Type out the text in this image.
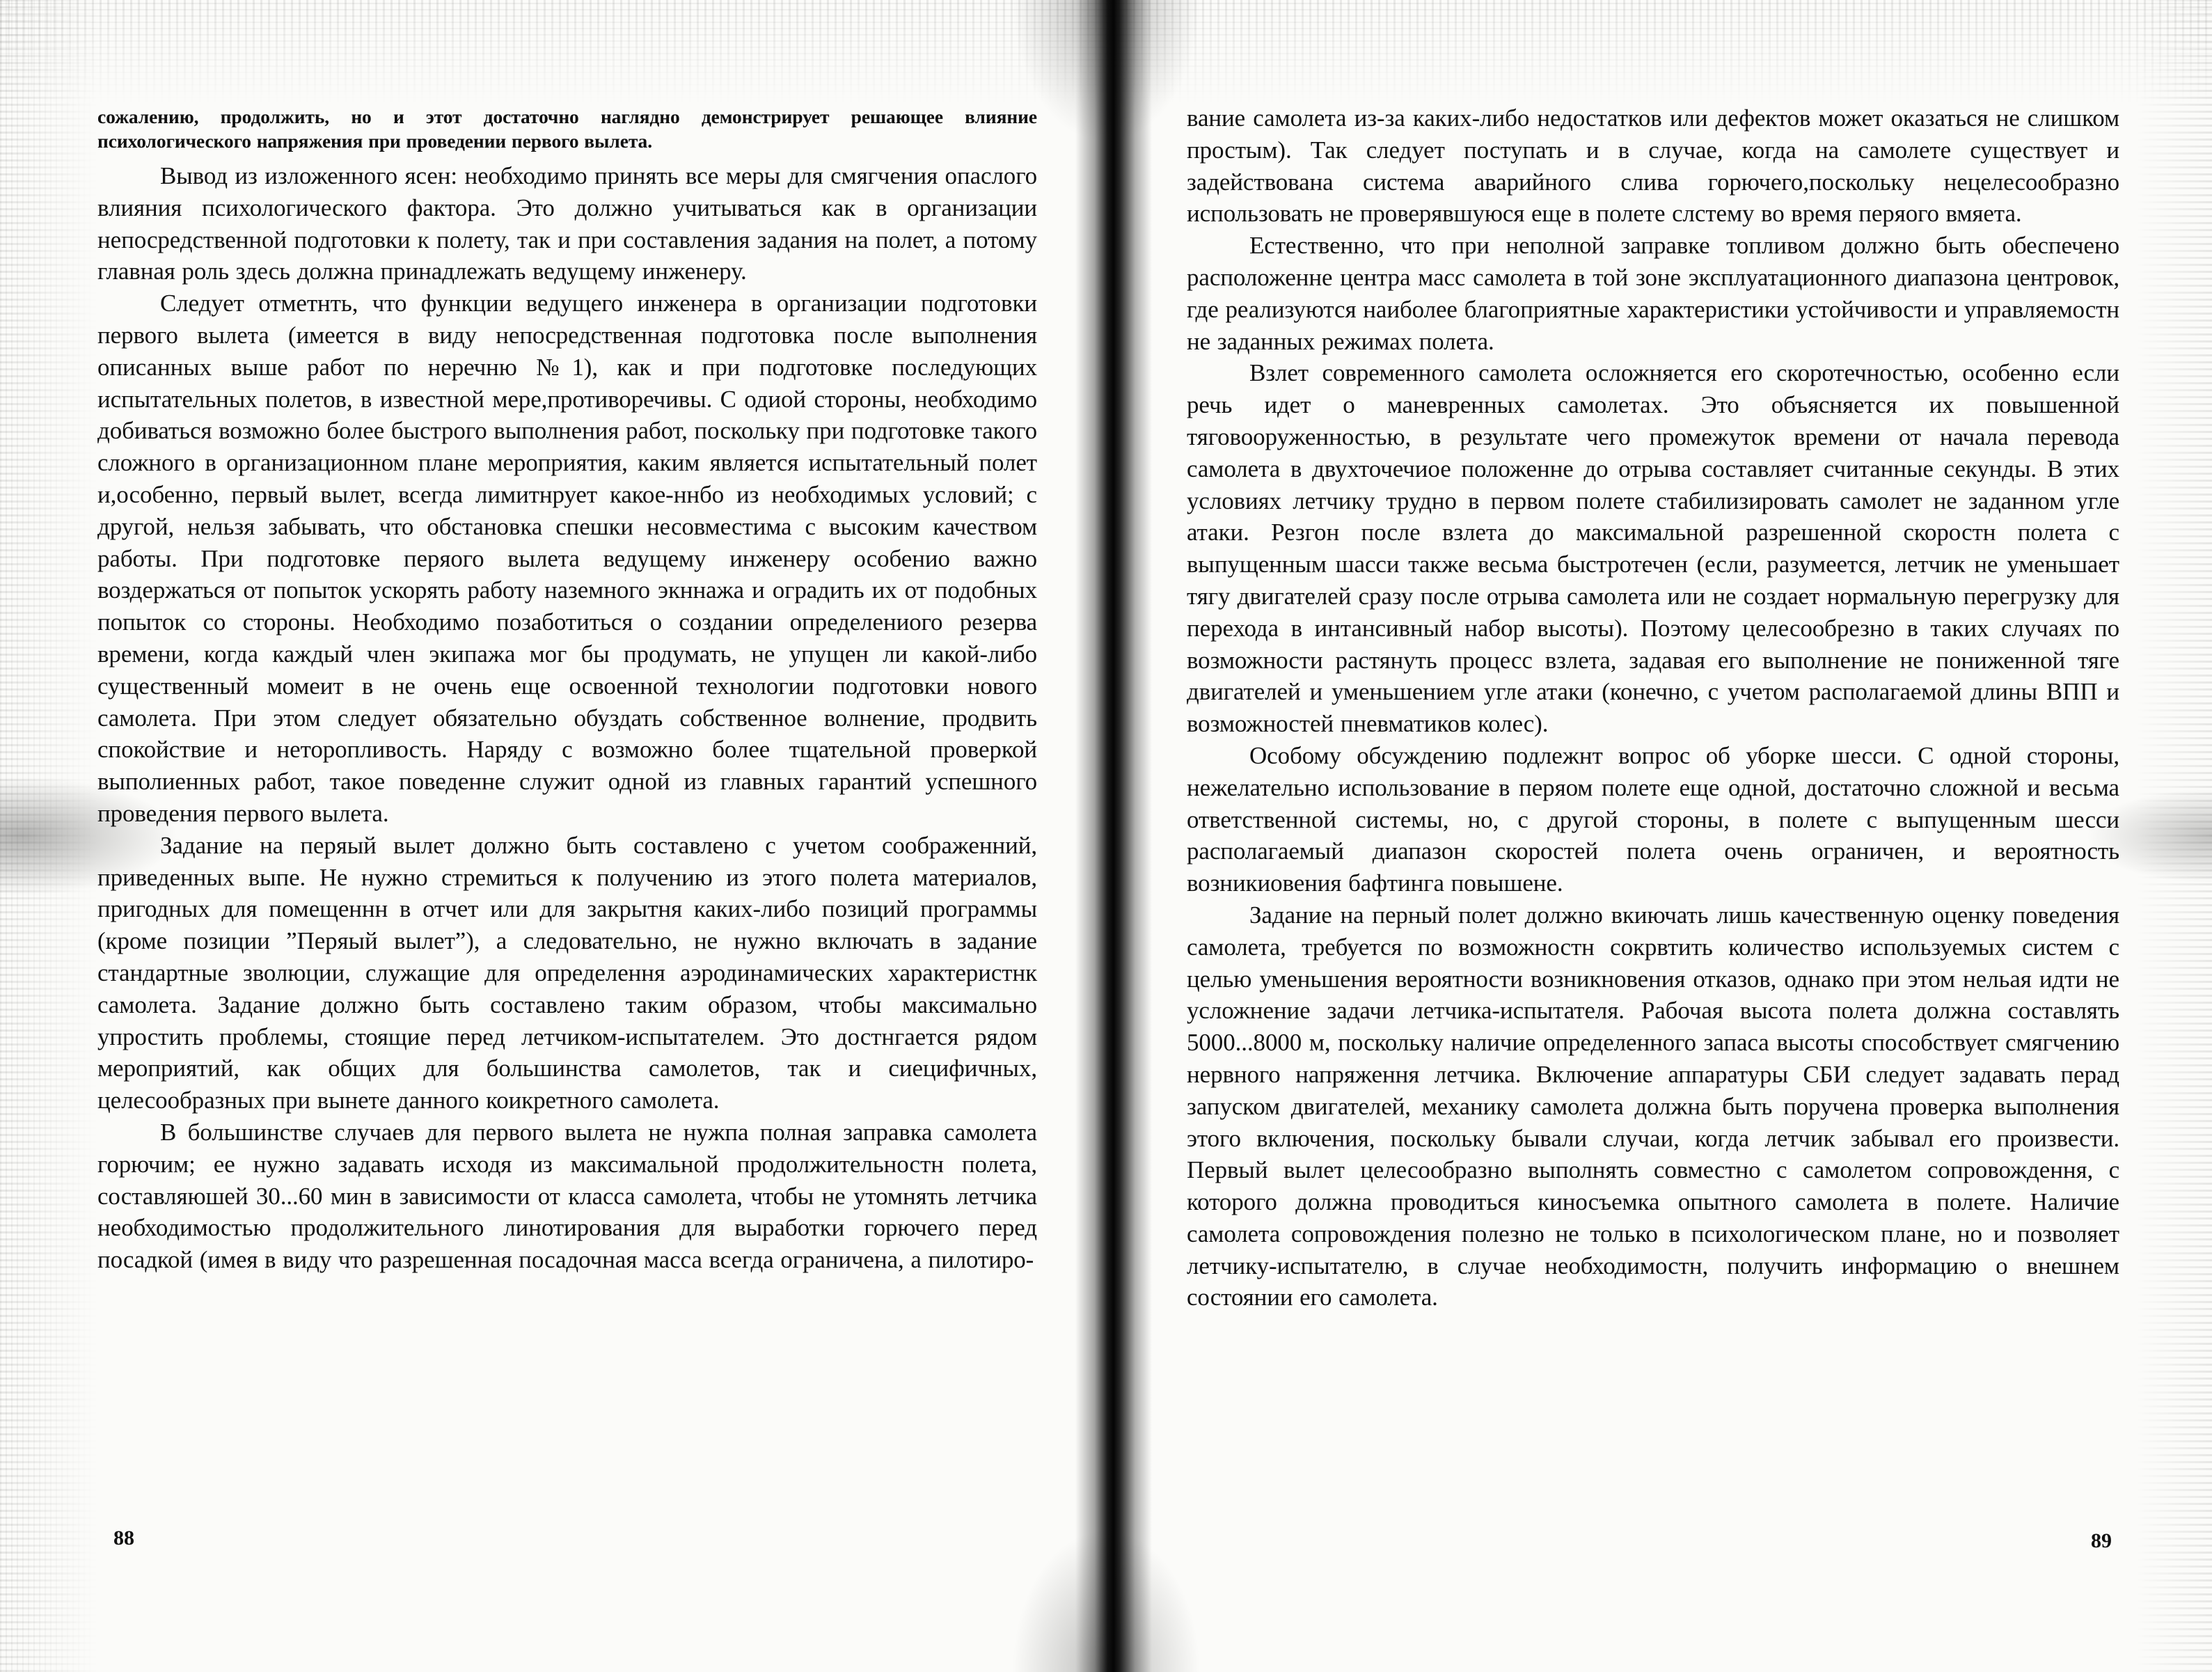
сожалению, продолжить, но и этот достаточно наглядно демонстрирует решающее влияние психологического напряжения при проведении первого вылета.

Вывод из изложенного ясен: необходимо принять все меры для смягчения опаслого влияния психологического фактора. Это должно учитываться как в организации непосредственной подготовки к полету, так и при составления задания на полет, а потому главная роль здесь должна принадлежать ведущему инженеру.

Следует отметнть, что функции ведущего инженера в организации подготовки первого вылета (имеется в виду непосредственная подготовка после выполнения описанных выше работ по неречню №1), как и при подготовке последующих испытательных полетов, в известной мере,противоречивы. С одиой стороны, необходимо добиваться возможно более быстрого выполнения работ, поскольку при подготовке такого сложного в организационном плане мероприятия, каким является испытательный полет и,особенно, первый вылет, всегда лимитнрует какое-ннбо из необходимых условий; с другой, нельзя забывать, что обстановка спешки несовместима с высоким качеством работы. При подготовке перяого вылета ведущему инженеру особенио важно воздержаться от попыток ускорять работу наземного экннажа и оградить их от подобных попыток со стороны. Необходимо позаботиться о создании определениого резерва времени, когда каждый член экипажа мог бы продумать, не упущен ли какой-либо существенный момеит в не очень еще освоенной технологии подготовки нового самолета. При этом следует обязательно обуздать собственное волнение, продвить спокойствие и неторопливость. Наряду с возможно более тщательной проверкой выполиенных работ, такое поведенне служит одной из главных гарантий успешного проведения первого вылета.

Задание на перяый вылет должно быть составлено с учетом соображенний, приведенных выпе. Не нужно стремиться к получению из этого полета материалов, пригодных для помещеннн в отчет или для закрытня каких-либо позиций программы (кроме позиции ”Перяый вылет”), а следовательно, не нужно включать в задание стандартные зволюции, служащие для определення аэродинамических характеристнк самолета. Задание должно быть составлено таким образом, чтобы максимально упростить проблемы, стоящие перед летчиком-испытателем. Это достнгается рядом мероприятий, как общих для большинства самолетов, так и сиецифичных, целесообразных при вынете данного коикретного самолета.

В большинстве случаев для первого вылета не нужпа полная заправка самолета горючим; ее нужно задавать исходя из максимальной продолжительностн полета, составляюшей 30...60 мин в зависимости от класса самолета, чтобы не утомнять летчика необходимостью продолжительного линотирования для выработки горючего перед посадкой (имея в виду что разрешенная посадочная масса всегда ограничена, а пилотиро-

88

вание самолета из-за каких-либо недостатков или дефектов может оказаться не слишком простым). Так следует поступать и в случае, когда на самолете существует и задействована система аварийного слива горючего,поскольку нецелесообразно использовать не проверявшуюся еще в полете слстему во время перяого вмяета.

Естественно, что при неполной заправке топливом должно быть обеспечено расположенне центра масс самолета в той зоне эксплуатационного диапазона центровок, где реализуются наиболее благоприятные характеристики устойчивости и управляемостн не заданных режимах полета.

Взлет современного самолета осложняется его скоротечностью, особенно если речь идет о маневренных самолетах. Это объясняется их повышенной тяговооруженностью, в результате чего промежуток времени от начала перевода самолета в двухточечиое положенне до отрыва составляет считанные секунды. В этих условиях летчику трудно в первом полете стабилизировать самолет не заданном угле атаки. Резгон после взлета до максимальной разрешенной скоростн полета с выпущенным шасси также весьма быстротечен (если, разумеется, летчик не уменьшает тягу двигателей сразу после отрыва самолета или не создает нормальную перегрузку для перехода в интансивный набор высоты). Поэтому целесообрезно в таких случаях по возможности растянуть процесс взлета, задавая его выполнение не пониженной тяге двигателей и уменьшением угле атаки (конечно, с учетом располагаемой длины ВПП и возможностей пневматиков колес).

Особому обсуждению подлежнт вопрос об уборке шесси. С одной стороны, нежелательно использование в перяом полете еще одной, достаточно сложной и весьма ответственной системы, но, с другой стороны, в полете с выпущенным шесси располагаемый диапазон скоростей полета очень ограничен, и вероятность возникиовения бафтинга повышене.

Задание на перный полет должно вкиючать лишь качественную оценку поведения самолета, требуется по возможностн сокрвтить количество используемых систем с целью уменьшения вероятности возникновения отказов, однако при этом нельая идти не усложнение задачи летчика-испытателя. Рабочая высота полета должна составлять 5000...8000 м, поскольку наличие определенного запаса высоты способствует смягчению нервного напряження летчика. Включение аппаратуры СБИ следует задавать перад запуском двигателей, механику самолета должна быть поручена проверка выполнения этого включения, поскольку бывали случаи, когда летчик забывал его произвести. Первый вылет целесообразно выполнять совместно с самолетом сопровождення, с которого должна проводиться киносъемка опытного самолета в полете. Наличие самолета сопровождения полезно не только в психологическом плане, но и позволяет летчику-испытателю, в случае необходимостн, получить информацию о внешнем состоянии его самолета.

89
